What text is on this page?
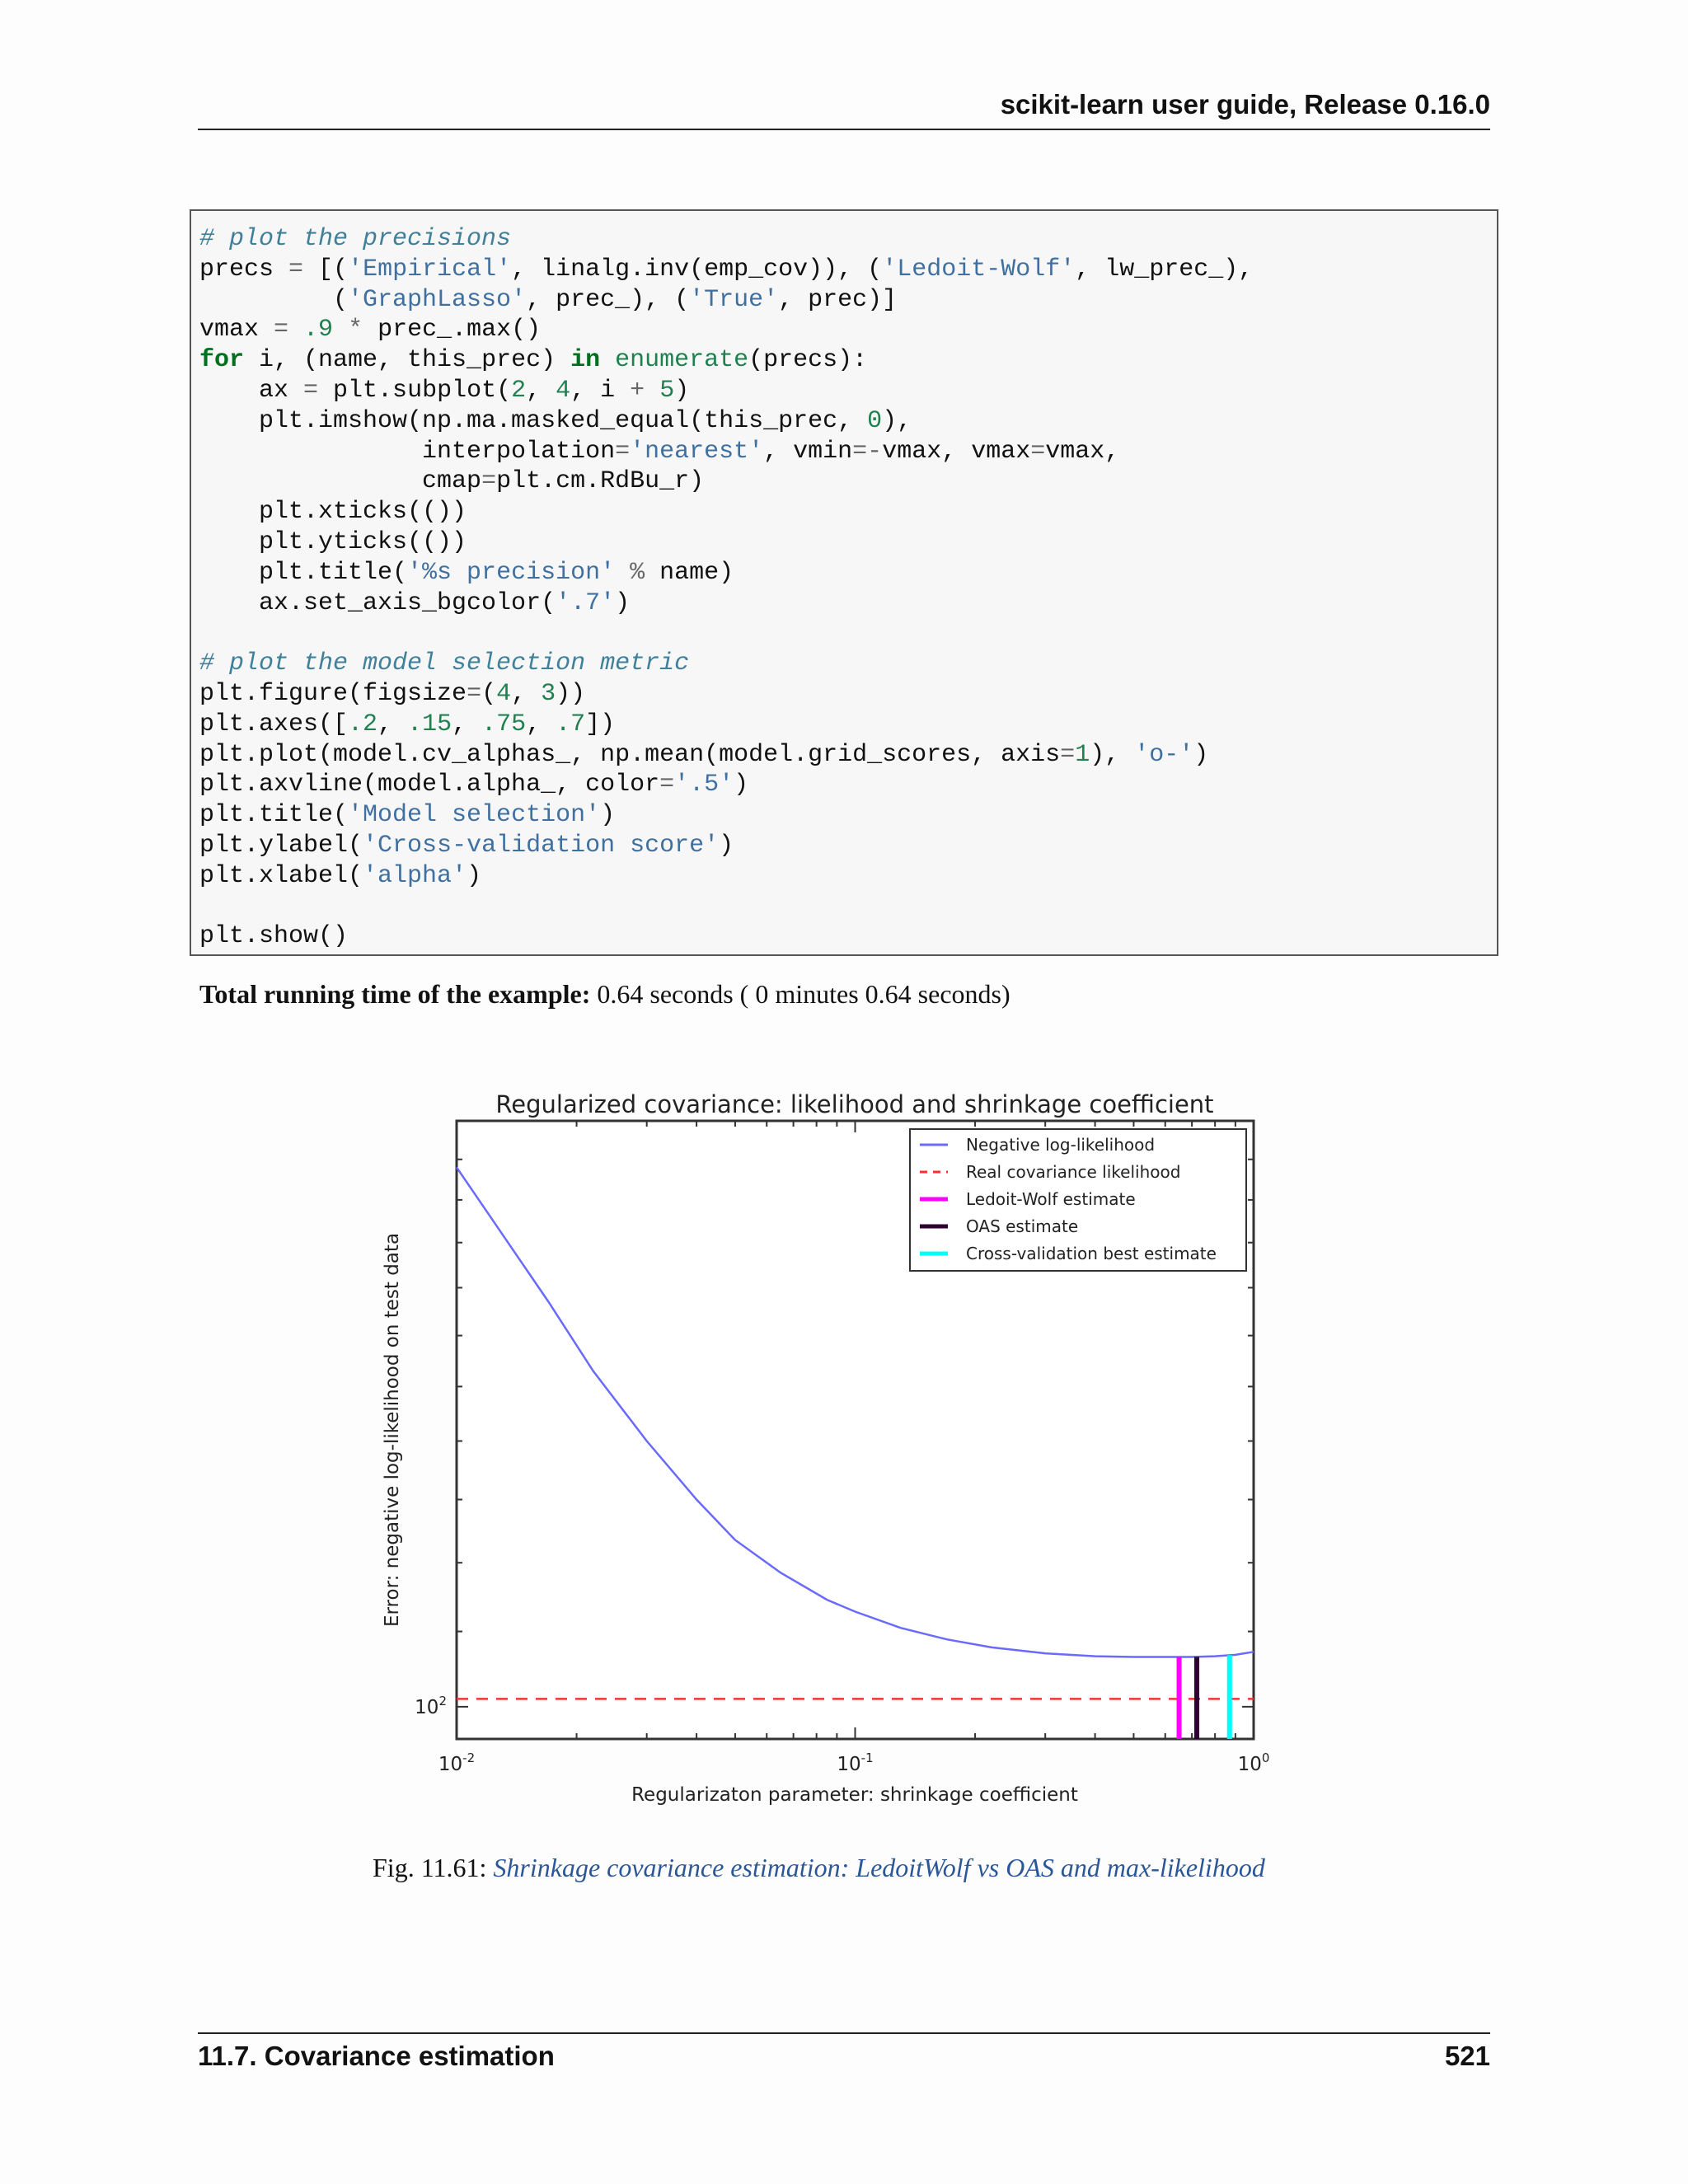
scikit-learn user guide, Release 0.16.0
# plot the precisions
precs = [('Empirical', linalg.inv(emp_cov)), ('Ledoit-Wolf', lw_prec_),
('GraphLasso', prec_), ('True', prec)]
vmax = .9 * prec_.max()
for i, (name, this_prec) in enumerate(precs):
ax = plt.subplot(2, 4, i + 5)
plt.imshow(np.ma.masked_equal(this_prec, 0),
interpolation='nearest', vmin=-vmax, vmax=vmax,
cmap=plt.cm.RdBu_r)
plt.xticks(())
plt.yticks(())
plt.title('%s precision' % name)
ax.set_axis_bgcolor('.7')
# plot the model selection metric
plt.figure(figsize=(4, 3))
plt.axes([.2, .15, .75, .7])
plt.plot(model.cv_alphas_, np.mean(model.grid_scores, axis=1), 'o-')
plt.axvline(model.alpha_, color='.5')
plt.title('Model selection')
plt.ylabel('Cross-validation score')
plt.xlabel('alpha')
plt.show()
Total running time of the example: 0.64 seconds ( 0 minutes 0.64 seconds)
Regularized covariance: likelihood and shrinkage coefficient
Negative log-likelihood
Real covariance likelihood
Ledoit-Wolf estimate
OAS estimate
Cross-validation best estimate
$10^{-2}$	$10^{-1}$	$10^0$
$10^2$
Regularizaton parameter: shrinkage coefficient
Error: negative log-likelihood on test data
Fig. 11.61: Shrinkage covariance estimation: LedoitWolf vs OAS and max-likelihood
11.7. Covariance estimation	521
